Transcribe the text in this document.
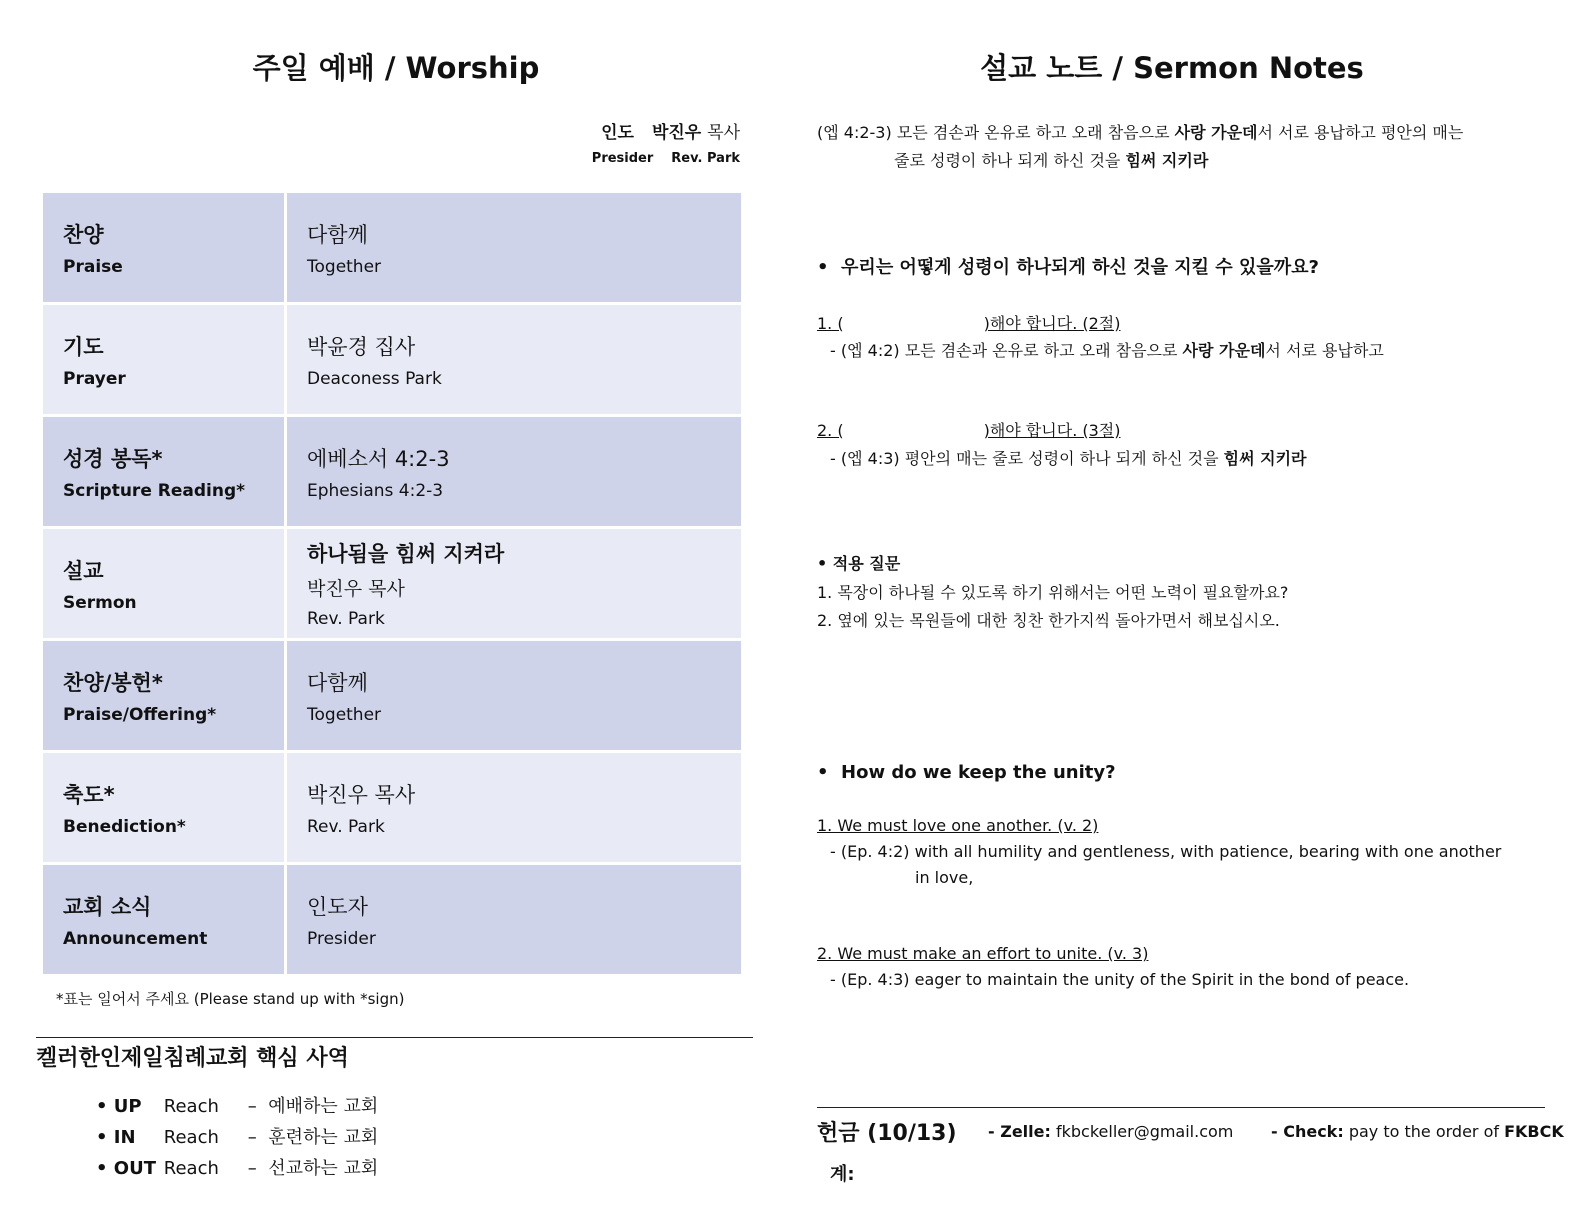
주일 예배 / Worship
인도 박진우 목사
Presider Rev. Park
찬양
Praise	다함께
Together

기도
Prayer	박윤경 집사
Deaconess Park

성경 봉독*
Scripture Reading*	에베소서 4:2-3
Ephesians 4:2-3

설교
Sermon	하나됨을 힘써 지켜라
박진우 목사
Rev. Park

찬양/봉헌*
Praise/Offering*	다함께
Together

축도*
Benediction*	박진우 목사
Rev. Park

교회 소식
Announcement	인도자
Presider
*표는 일어서 주세요 (Please stand up with *sign)
켈러한인제일침례교회 핵심 사역
• UP Reach – 예배하는 교회
• IN Reach – 훈련하는 교회
• OUT Reach – 선교하는 교회
설교 노트 / Sermon Notes
(엡 4:2-3) 모든 겸손과 온유로 하고 오래 참음으로 사랑 가운데서 서로 용납하고 평안의 매는
줄로 성령이 하나 되게 하신 것을 힘써 지키라
•  우리는 어떻게 성령이 하나되게 하신 것을 지킬 수 있을까요?
1. (	)해야 합니다. (2절)
- (엡 4:2) 모든 겸손과 온유로 하고 오래 참음으로 사랑 가운데서 서로 용납하고
2. (	)해야 합니다. (3절)
- (엡 4:3) 평안의 매는 줄로 성령이 하나 되게 하신 것을 힘써 지키라
• 적용 질문
1. 목장이 하나될 수 있도록 하기 위해서는 어떤 노력이 필요할까요?
2. 옆에 있는 목원들에 대한 칭찬 한가지씩 돌아가면서 해보십시오.
•  How do we keep the unity?
1. We must love one another. (v. 2)
- (Ep. 4:2) with all humility and gentleness, with patience, bearing with one another
in love,
2. We must make an effort to unite. (v. 3)
- (Ep. 4:3) eager to maintain the unity of the Spirit in the bond of peace.
헌금 (10/13) - Zelle: fkbckeller@gmail.com - Check: pay to the order of FKBCK
계:
